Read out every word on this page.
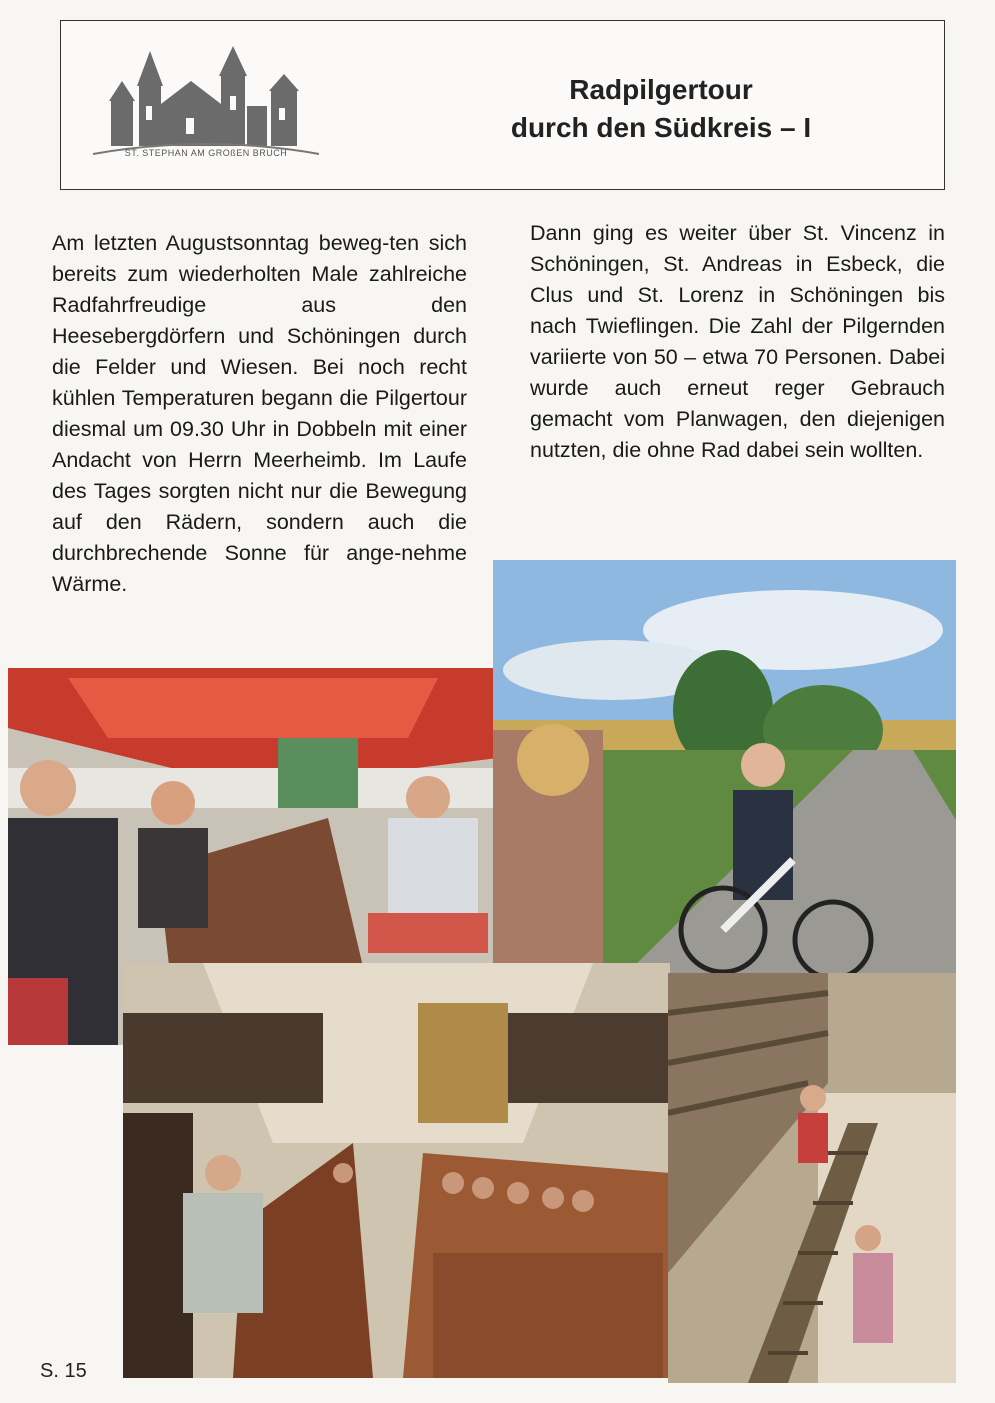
ST. STEPHAN AM GROßEN BRUCH
Radpilgertour
durch den Südkreis – I

Am letzten Augustsonntag beweg-ten sich bereits zum wiederholten Male zahlreiche Radfahrfreudige aus den Heesebergdörfern und Schöningen durch die Felder und Wiesen. Bei noch recht kühlen Temperaturen begann die Pilgertour diesmal um 09.30 Uhr in Dobbeln mit einer Andacht von Herrn Meerheimb. Im Laufe des Tages sorgten nicht nur die Bewegung auf den Rädern, sondern auch die durchbrechende Sonne für ange-nehme Wärme.

Dann ging es weiter über St. Vincenz in Schöningen, St. Andreas in Esbeck, die Clus und St. Lorenz in Schöningen bis nach Twieflingen. Die Zahl der Pilgernden variierte von 50 – etwa 70 Personen. Dabei wurde auch erneut reger Gebrauch gemacht vom Planwagen, den diejenigen nutzten, die ohne Rad dabei sein wollten.

S. 15
